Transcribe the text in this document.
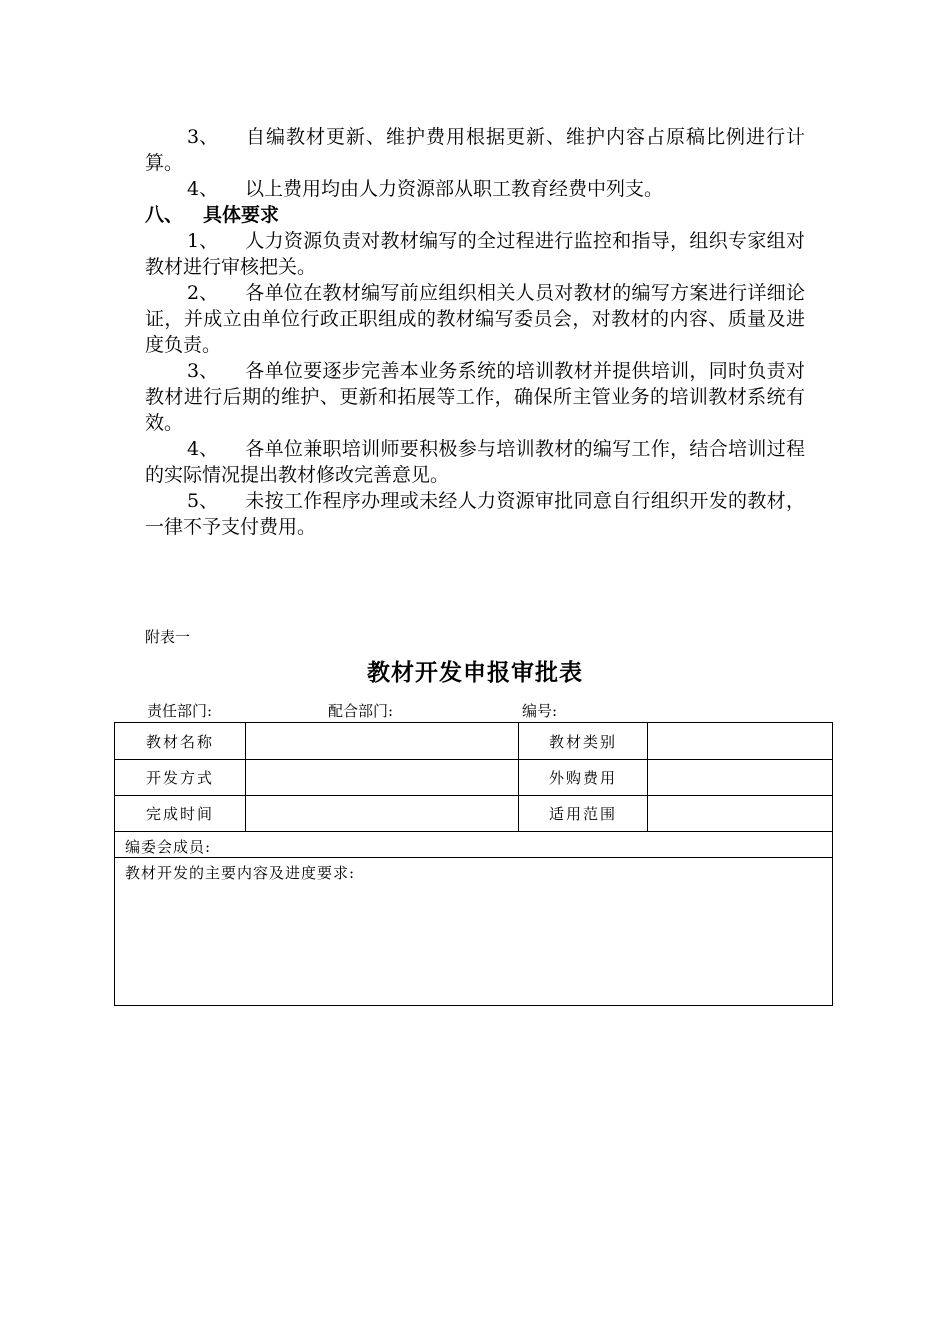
3、 自编教材更新、维护费用根据更新、维护内容占原稿比例进行计算。

4、 以上费用均由人力资源部从职工教育经费中列支。

八、 具体要求

1、 人力资源负责对教材编写的全过程进行监控和指导，组织专家组对教材进行审核把关。

2、 各单位在教材编写前应组织相关人员对教材的编写方案进行详细论证，并成立由单位行政正职组成的教材编写委员会，对教材的内容、质量及进度负责。

3、 各单位要逐步完善本业务系统的培训教材并提供培训，同时负责对教材进行后期的维护、更新和拓展等工作，确保所主管业务的培训教材系统有效。

4、 各单位兼职培训师要积极参与培训教材的编写工作，结合培训过程的实际情况提出教材修改完善意见。

5、 未按工作程序办理或未经人力资源审批同意自行组织开发的教材，一律不予支付费用。

附表一
教材开发申报审批表
责任部门:	配合部门:	编号:
教材名称	教材类别
开发方式	外购费用
完成时间	适用范围
编委会成员:
教材开发的主要内容及进度要求:
